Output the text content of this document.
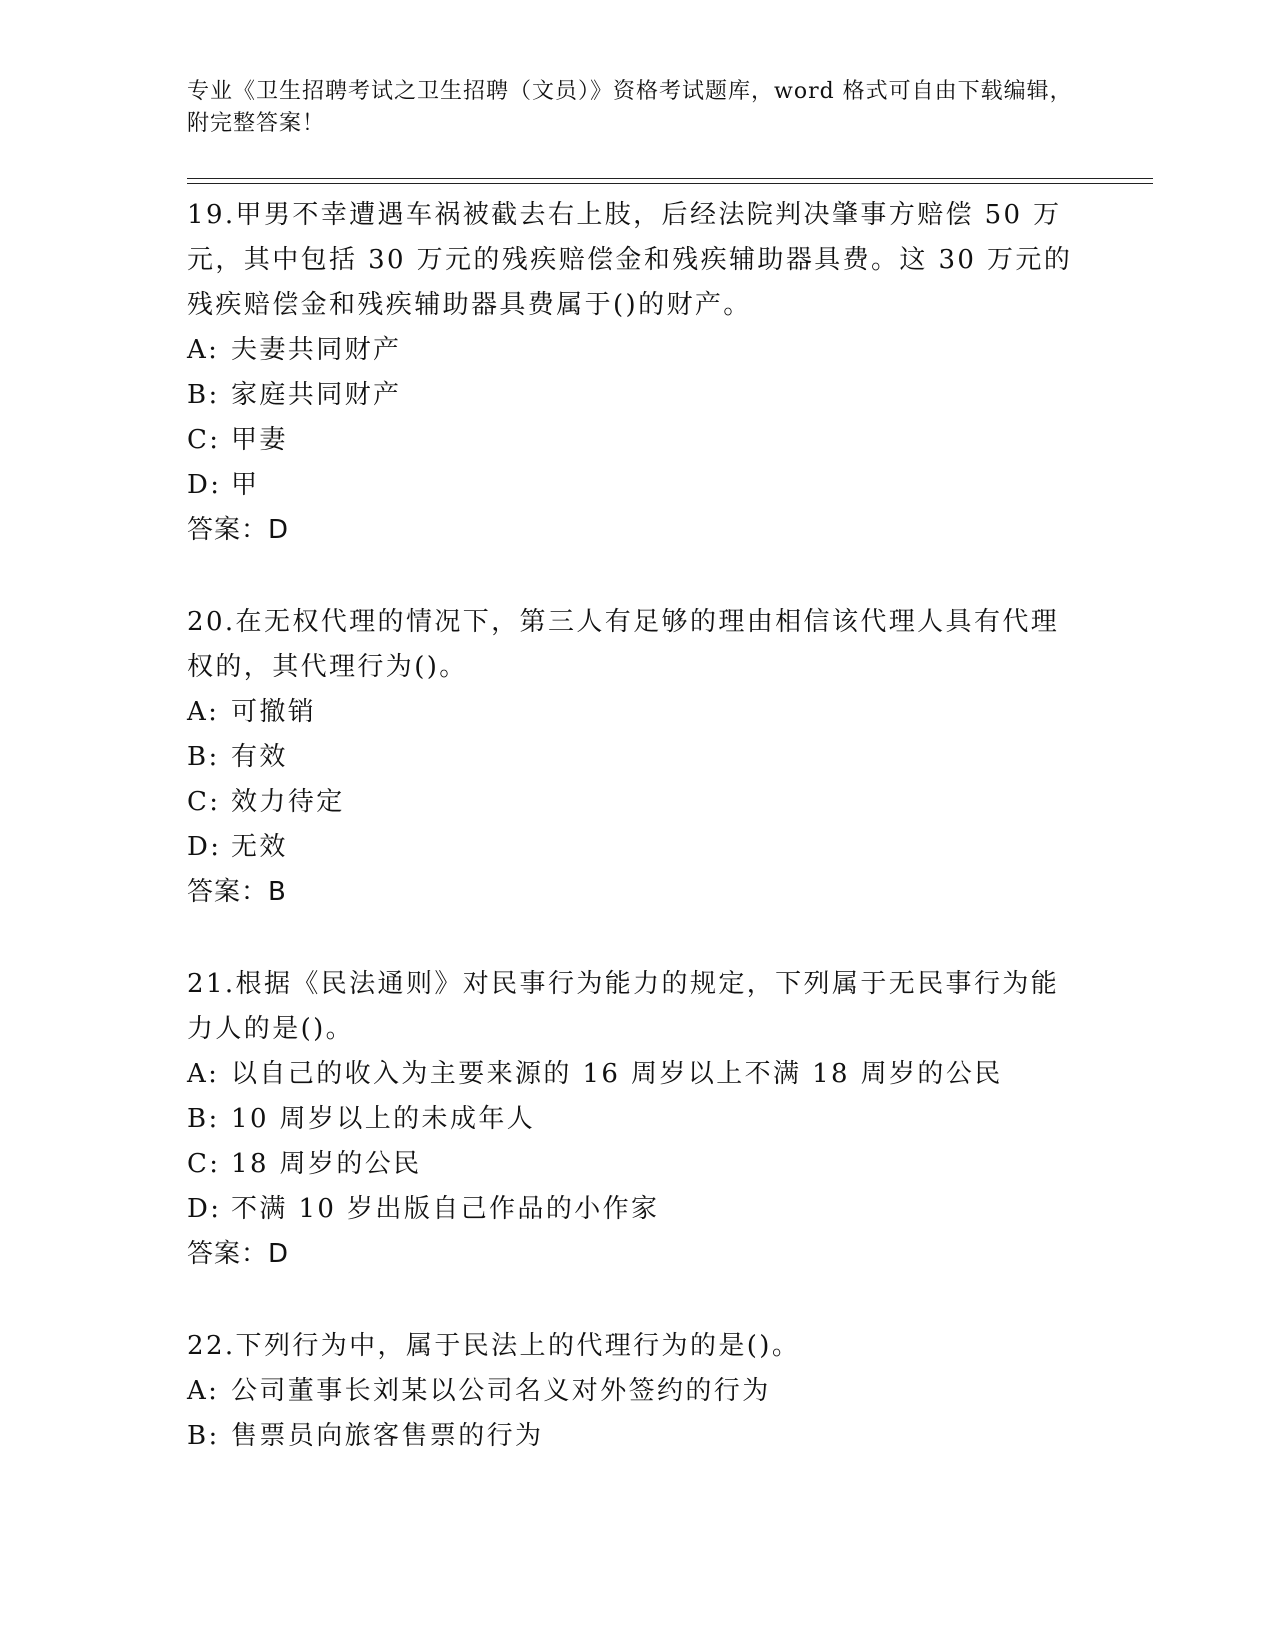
专业《卫生招聘考试之卫生招聘（文员）》资格考试题库，word 格式可自由下载编辑，附完整答案！
19.甲男不幸遭遇车祸被截去右上肢，后经法院判决肇事方赔偿 50 万元，其中包括 30 万元的残疾赔偿金和残疾辅助器具费。这 30 万元的残疾赔偿金和残疾辅助器具费属于()的财产。
A: 夫妻共同财产
B: 家庭共同财产
C: 甲妻
D: 甲
答案：D
20.在无权代理的情况下，第三人有足够的理由相信该代理人具有代理权的，其代理行为()。
A: 可撤销
B: 有效
C: 效力待定
D: 无效
答案：B
21.根据《民法通则》对民事行为能力的规定，下列属于无民事行为能力人的是()。
A: 以自己的收入为主要来源的 16 周岁以上不满 18 周岁的公民
B: 10 周岁以上的未成年人
C: 18 周岁的公民
D: 不满 10 岁出版自己作品的小作家
答案：D
22.下列行为中，属于民法上的代理行为的是()。
A: 公司董事长刘某以公司名义对外签约的行为
B: 售票员向旅客售票的行为
